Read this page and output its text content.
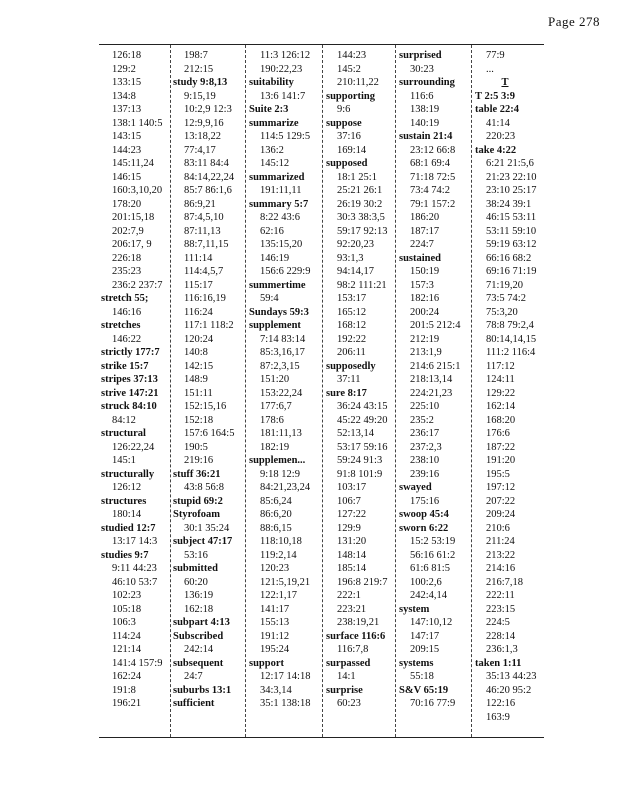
Page 278
126:18
129:2
133:15
134:8
137:13
138:1 140:5
143:15
144:23
145:11,24
146:15
160:3,10,20
178:20
201:15,18
202:7,9
206:17, 9
226:18
235:23
236:2 237:7
stretch 55;
146:16
stretches
146:22
strictly 177:7
strike 15:7
stripes 37:13
strive 147:21
struck 84:10
84:12
structural
126:22,24
145:1
structurally
126:12
structures
180:14
studied 12:7
13:17 14:3
studies 9:7
9:11 44:23
46:10 53:7
102:23
105:18
106:3
114:24
121:14
141:4 157:9
162:24
191:8
196:21
198:7
212:15
study 9:8,13
9:15,19
10:2,9 12:3
12:9,9,16
13:18,22
77:4,17
83:11 84:4
84:14,22,24
85:7 86:1,6
86:9,21
87:4,5,10
87:11,13
88:7,11,15
111:14
114:4,5,7
115:17
116:16,19
116:24
117:1 118:2
120:24
140:8
142:15
148:9
151:11
152:15,16
152:18
157:6 164:5
190:5
219:16
stuff 36:21
43:8 56:8
stupid 69:2
Styrofoam
30:1 35:24
subject 47:17
53:16
submitted
60:20
136:19
162:18
subpart 4:13
Subscribed
242:14
subsequent
24:7
suburbs 13:1
sufficient
11:3 126:12
190:22,23
suitability
13:6 141:7
Suite 2:3
summarize
114:5 129:5
136:2
145:12
summarized
191:11,11
summary 5:7
8:22 43:6
62:16
135:15,20
146:19
156:6 229:9
summertime
59:4
Sundays 59:3
supplement
7:14 83:14
85:3,16,17
87:2,3,15
151:20
153:22,24
177:6,7
178:6
181:11,13
182:19
supplemen...
9:18 12:9
84:21,23,24
85:6,24
86:6,20
88:6,15
118:10,18
119:2,14
120:23
121:5,19,21
122:1,17
141:17
155:13
191:12
195:24
support
12:17 14:18
34:3,14
35:1 138:18
144:23
145:2
210:11,22
supporting
9:6
suppose
37:16
169:14
supposed
18:1 25:1
25:21 26:1
26:19 30:2
30:3 38:3,5
59:17 92:13
92:20,23
93:1,3
94:14,17
98:2 111:21
153:17
165:12
168:12
192:22
206:11
supposedly
37:11
sure 8:17
36:24 43:15
45:22 49:20
52:13,14
53:17 59:16
59:24 91:3
91:8 101:9
103:17
106:7
127:22
129:9
131:20
148:14
185:14
196:8 219:7
222:1
223:21
238:19,21
surface 116:6
116:7,8
surpassed
14:1
surprise
60:23
surprised
30:23
surrounding
116:6
138:19
140:19
sustain 21:4
23:12 66:8
68:1 69:4
71:18 72:5
73:4 74:2
79:1 157:2
186:20
187:17
224:7
sustained
150:19
157:3
182:16
200:24
201:5 212:4
212:19
213:1,9
214:6 215:1
218:13,14
224:21,23
225:10
235:2
236:17
237:2,3
238:10
239:16
swayed
175:16
swoop 45:4
sworn 6:22
15:2 53:19
56:16 61:2
61:6 81:5
100:2,6
242:4,14
system
147:10,12
147:17
209:15
systems
55:18
S&V 65:19
70:16 77:9
77:9
...
T
T 2:5 3:9
table 22:4
41:14
220:23
take 4:22
6:21 21:5,6
21:23 22:10
23:10 25:17
38:24 39:1
46:15 53:11
53:11 59:10
59:19 63:12
66:16 68:2
69:16 71:19
71:19,20
73:5 74:2
75:3,20
78:8 79:2,4
80:14,14,15
111:2 116:4
117:12
124:11
129:22
162:14
168:20
176:6
187:22
191:20
195:5
197:12
207:22
209:24
210:6
211:24
213:22
214:16
216:7,18
222:11
223:15
224:5
228:14
236:1,3
taken 1:11
35:13 44:23
46:20 95:2
122:16
163:9
